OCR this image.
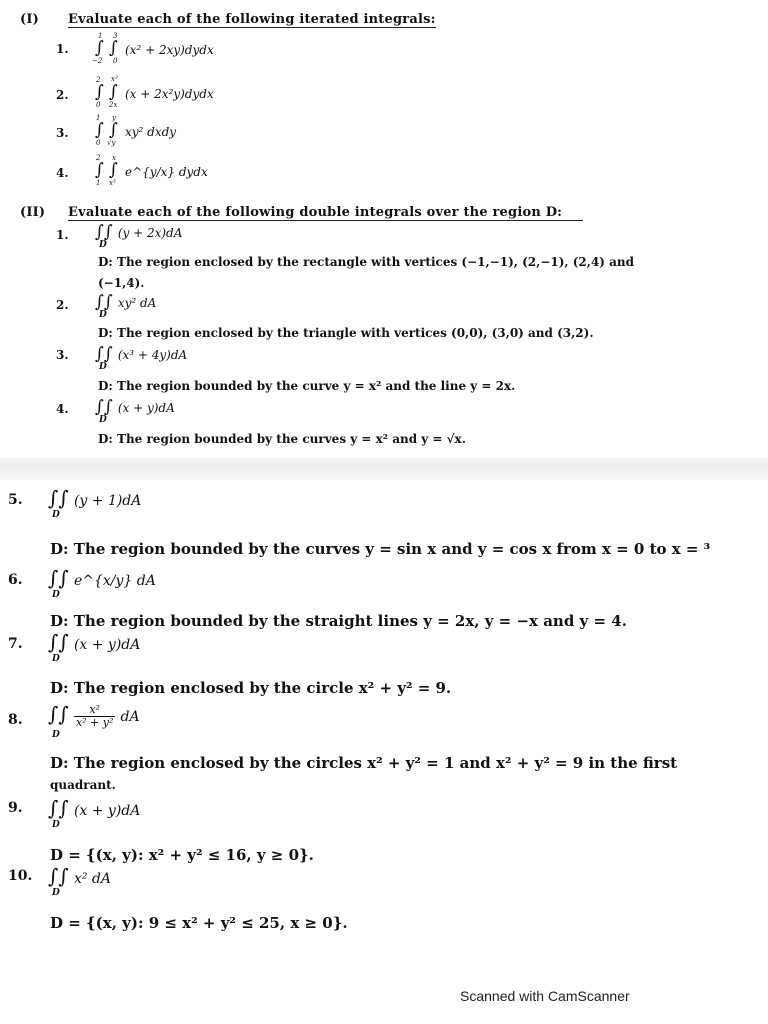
(I) Evaluate each of the following iterated integrals:
1.
1
−2
3
0
∫ ∫ (x² + 2xy)dydx
2.
2
0
x²
2x
∫ ∫ (x + 2x²y)dydx
3.
1
0
y
√y
∫ ∫ xy² dxdy
4.
2
1
x
x³
∫ ∫ e^{y/x} dydx
(II) Evaluate each of the following double integrals over the region D:
1. ∫∫ (y + 2x)dA
D
D: The region enclosed by the rectangle with vertices (−1,−1), (2,−1), (2,4) and
(−1,4).
2. ∫∫ xy² dA
D
D: The region enclosed by the triangle with vertices (0,0), (3,0) and (3,2).
3. ∫∫ (x³ + 4y)dA
D
D: The region bounded by the curve y = x² and the line y = 2x.
4. ∫∫ (x + y)dA
D
D: The region bounded by the curves y = x² and y = √x.
5. ∫∫ (y + 1)dA
D
D: The region bounded by the curves y = sin x and y = cos x from x = 0 to x = ³
6. ∫∫ e^{x/y} dA
D
D: The region bounded by the straight lines y = 2x, y = −x and y = 4.
7. ∫∫ (x + y)dA
D
D: The region enclosed by the circle x² + y² = 9.
8. ∫∫ $\frac{\text{x²}}{\text{x² + y²}}$ dA
D
D: The region enclosed by the circles x² + y² = 1 and x² + y² = 9 in the first
quadrant.
9. ∫∫ (x + y)dA
D
D = {(x, y): x² + y² ≤ 16, y ≥ 0}.
10. ∫∫ x² dA
D
D = {(x, y): 9 ≤ x² + y² ≤ 25, x ≥ 0}.
Scanned with CamScanner
